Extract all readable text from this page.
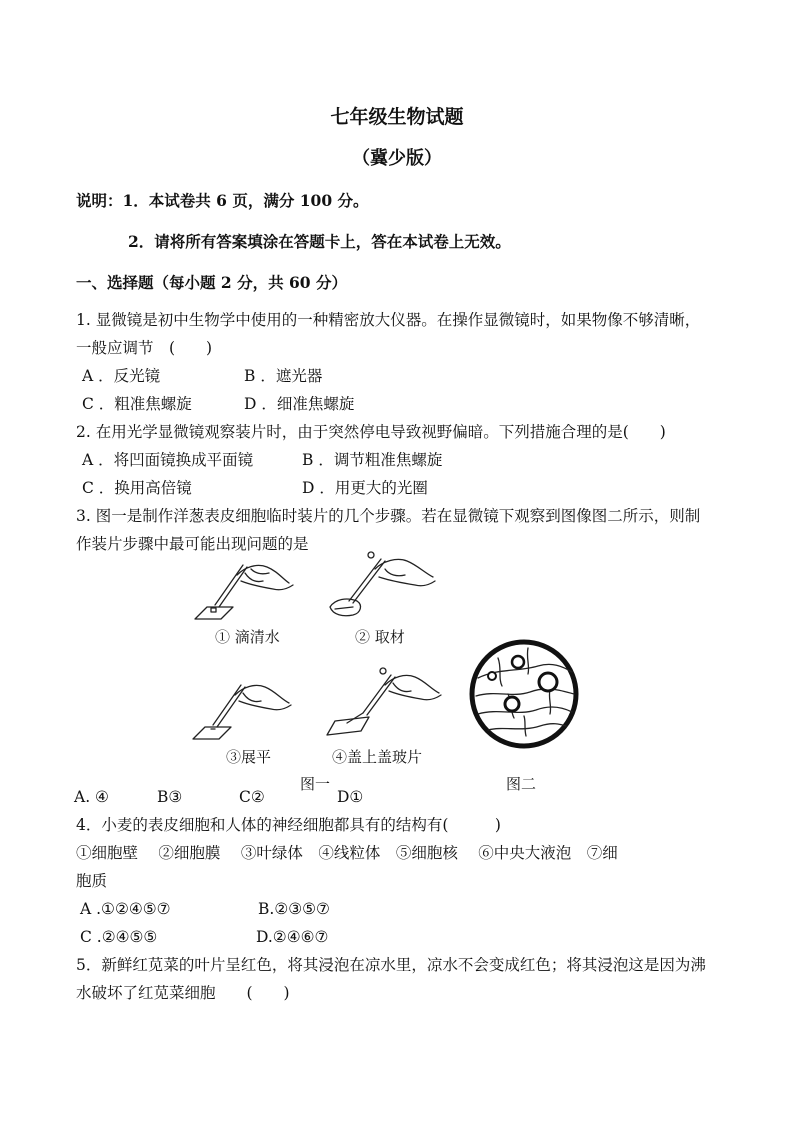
七年级生物试题
（冀少版）
说明：1．本试卷共 6 页，满分 100 分。
2．请将所有答案填涂在答题卡上，答在本试卷上无效。
一、选择题（每小题 2 分，共 60 分）
1. 显微镜是初中生物学中使用的一种精密放大仪器。在操作显微镜时，如果物像不够清晰，
一般应调节　(　　)
A ．反光镜	B ．遮光器
C ．粗准焦螺旋	D ．细准焦螺旋
2. 在用光学显微镜观察装片时，由于突然停电导致视野偏暗。下列措施合理的是(　　)
A ．将凹面镜换成平面镜	B ．调节粗准焦螺旋
C ．换用高倍镜	D ．用更大的光圈
3. 图一是制作洋葱表皮细胞临时装片的几个步骤。若在显微镜下观察到图像图二所示，则制
作装片步骤中最可能出现问题的是
① 滴清水	② 取材
③展平	④盖上盖玻片
图一	图二
A. ④	B③	C②	D①
4．小麦的表皮细胞和人体的神经细胞都具有的结构有(　　　)
①细胞壁　 ②细胞膜　 ③叶绿体　④线粒体　⑤细胞核　 ⑥中央大液泡　⑦细
胞质
A .①②④⑤⑦	B.②③⑤⑦
C .②④⑤⑤	D.②④⑥⑦
5．新鲜红苋菜的叶片呈红色，将其浸泡在凉水里，凉水不会变成红色；将其浸泡这是因为沸
水破坏了红苋菜细胞　　(　　)
